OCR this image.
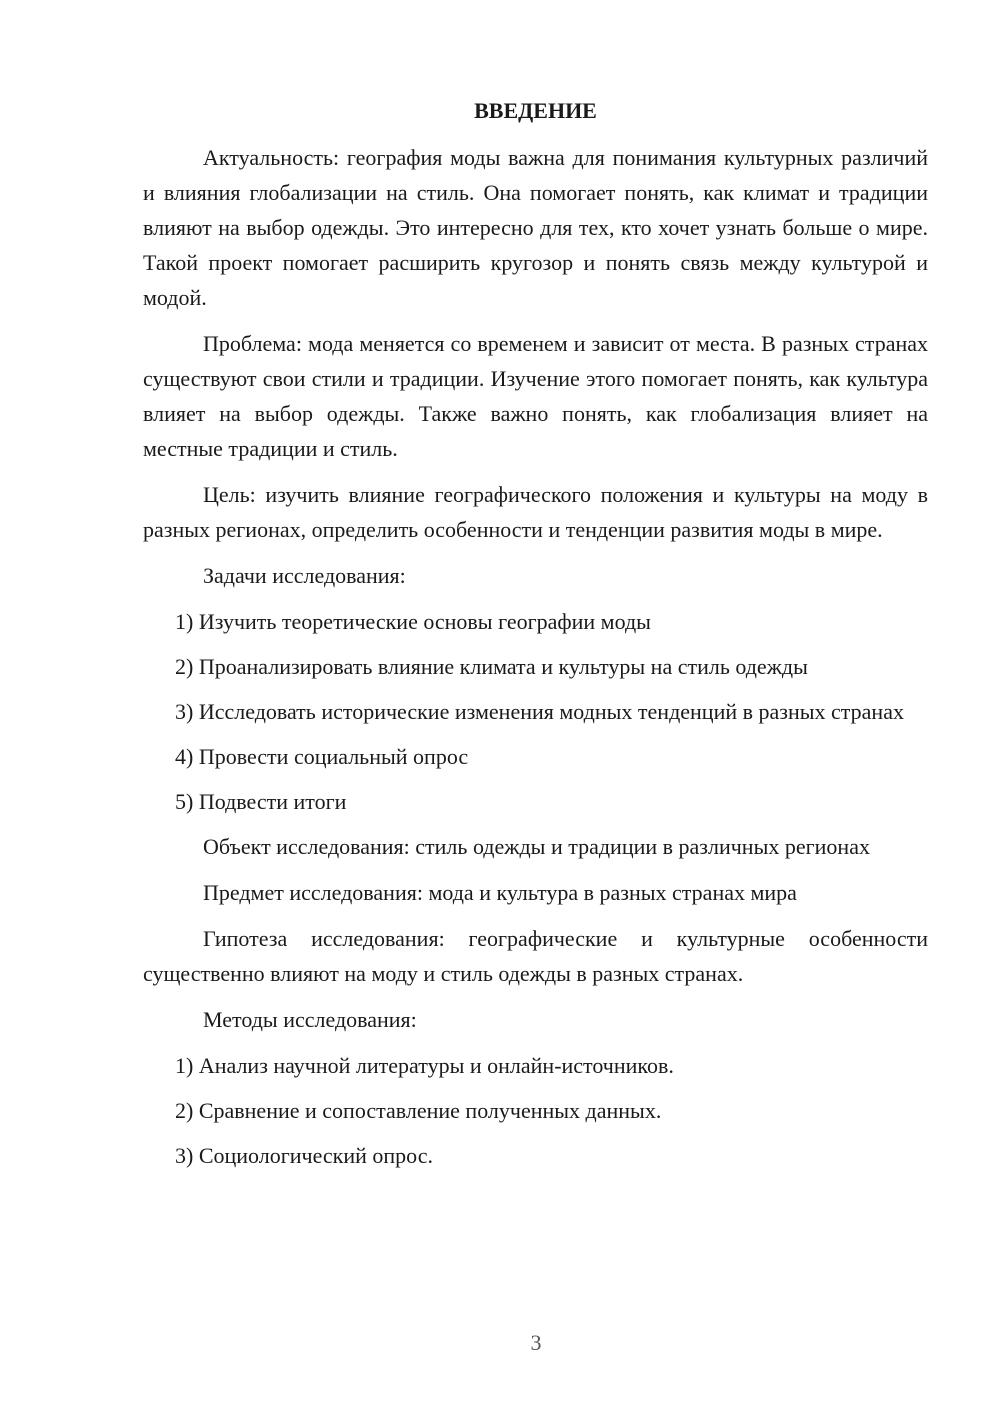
ВВЕДЕНИЕ

Актуальность: география моды важна для понимания культурных различий и влияния глобализации на стиль. Она помогает понять, как климат и традиции влияют на выбор одежды. Это интересно для тех, кто хочет узнать больше о мире. Такой проект помогает расширить кругозор и понять связь между культурой и модой.

Проблема: мода меняется со временем и зависит от места. В разных странах существуют свои стили и традиции. Изучение этого помогает понять, как культура влияет на выбор одежды. Также важно понять, как глобализация влияет на местные традиции и стиль.

Цель: изучить влияние географического положения и культуры на моду в разных регионах, определить особенности и тенденции развития моды в мире.

Задачи исследования:

1) Изучить теоретические основы географии моды

2) Проанализировать влияние климата и культуры на стиль одежды

3) Исследовать исторические изменения модных тенденций в разных странах

4) Провести социальный опрос

5) Подвести итоги

Объект исследования: стиль одежды и традиции в различных регионах

Предмет исследования: мода и культура в разных странах мира

Гипотеза исследования: географические и культурные особенности существенно влияют на моду и стиль одежды в разных странах.

Методы исследования:

1) Анализ научной литературы и онлайн-источников.

2) Сравнение и сопоставление полученных данных.

3) Социологический опрос.

3
